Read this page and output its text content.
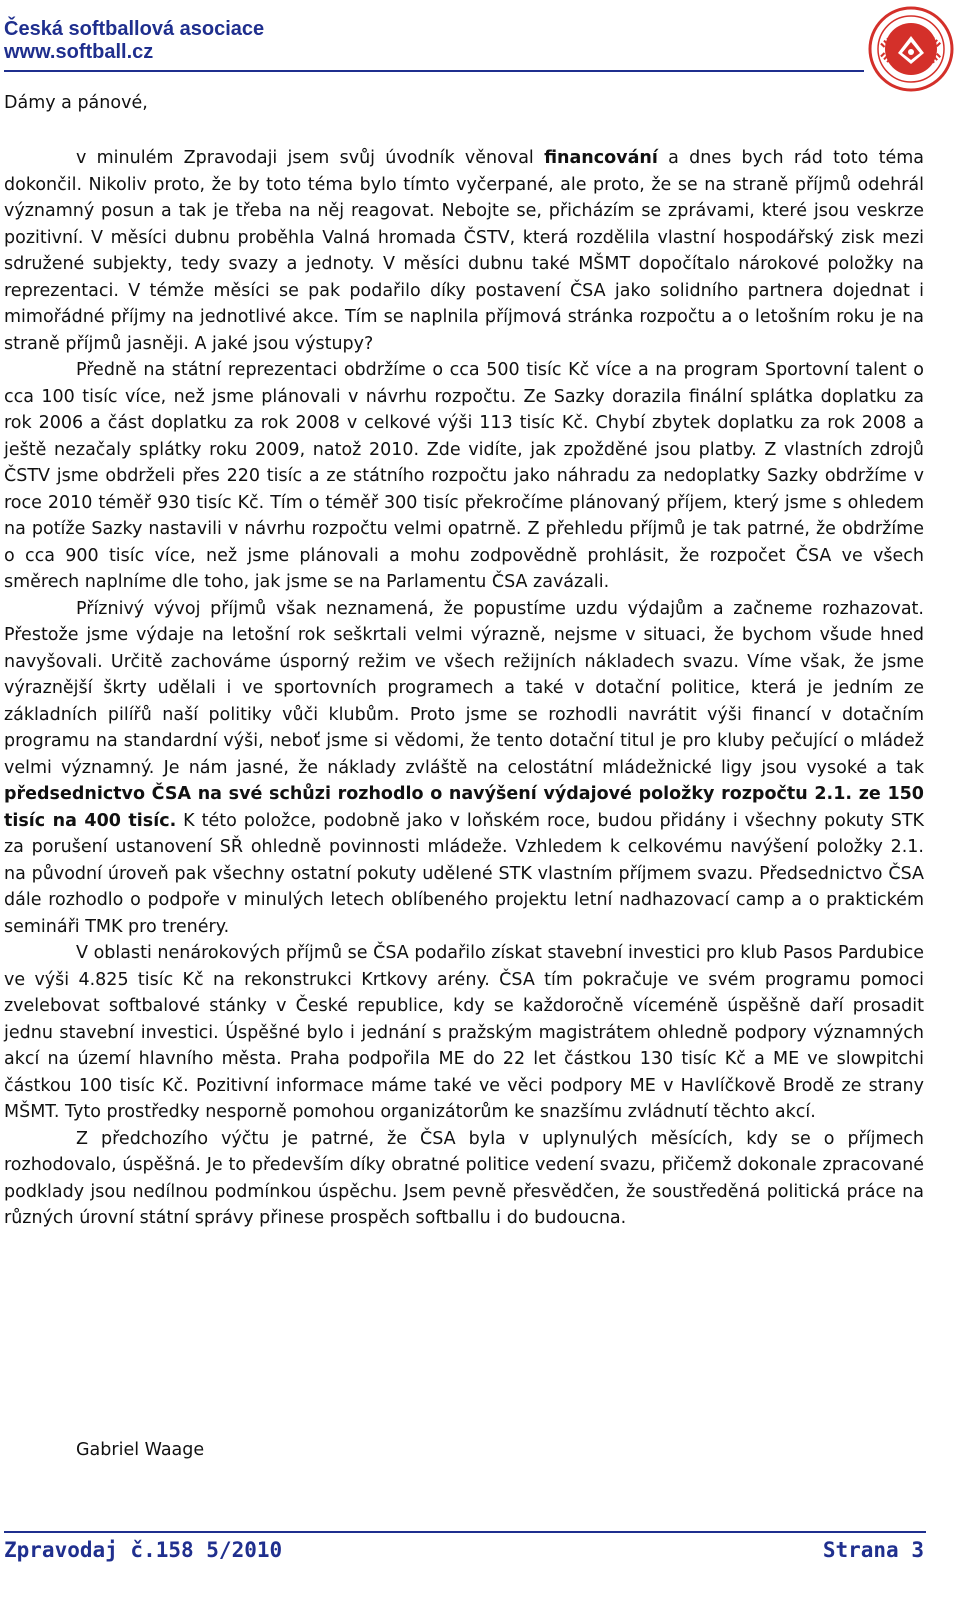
Česká softballová asociace
www.softball.cz
Dámy a pánové,

v minulém Zpravodaji jsem svůj úvodník věnoval financování a dnes bych rád toto téma dokončil. Nikoliv proto, že by toto téma bylo tímto vyčerpané, ale proto, že se na straně příjmů odehrál významný posun a tak je třeba na něj reagovat. Nebojte se, přicházím se zprávami, které jsou veskrze pozitivní. V měsíci dubnu proběhla Valná hromada ČSTV, která rozdělila vlastní hospodářský zisk mezi sdružené subjekty, tedy svazy a jednoty. V měsíci dubnu také MŠMT dopočítalo nárokové položky na reprezentaci. V témže měsíci se pak podařilo díky postavení ČSA jako solidního partnera dojednat i mimořádné příjmy na jednotlivé akce. Tím se naplnila příjmová stránka rozpočtu a o letošním roku je na straně příjmů jasněji. A jaké jsou výstupy?

Předně na státní reprezentaci obdržíme o cca 500 tisíc Kč více a na program Sportovní talent o cca 100 tisíc více, než jsme plánovali v návrhu rozpočtu. Ze Sazky dorazila finální splátka doplatku za rok 2006 a část doplatku za rok 2008 v celkové výši 113 tisíc Kč. Chybí zbytek doplatku za rok 2008 a ještě nezačaly splátky roku 2009, natož 2010. Zde vidíte, jak zpožděné jsou platby. Z vlastních zdrojů ČSTV jsme obdrželi přes 220 tisíc a ze státního rozpočtu jako náhradu za nedoplatky Sazky obdržíme v roce 2010 téměř 930 tisíc Kč. Tím o téměř 300 tisíc překročíme plánovaný příjem, který jsme s ohledem na potíže Sazky nastavili v návrhu rozpočtu velmi opatrně. Z přehledu příjmů je tak patrné, že obdržíme o cca 900 tisíc více, než jsme plánovali a mohu zodpovědně prohlásit, že rozpočet ČSA ve všech směrech naplníme dle toho, jak jsme se na Parlamentu ČSA zavázali.

Příznivý vývoj příjmů však neznamená, že popustíme uzdu výdajům a začneme rozhazovat. Přestože jsme výdaje na letošní rok seškrtali velmi výrazně, nejsme v situaci, že bychom všude hned navyšovali. Určitě zachováme úsporný režim ve všech režijních nákladech svazu. Víme však, že jsme výraznější škrty udělali i ve sportovních programech a také v dotační politice, která je jedním ze základních pilířů naší politiky vůči klubům. Proto jsme se rozhodli navrátit výši financí v dotačním programu na standardní výši, neboť jsme si vědomi, že tento dotační titul je pro kluby pečující o mládež velmi významný. Je nám jasné, že náklady zvláště na celostátní mládežnické ligy jsou vysoké a tak předsednictvo ČSA na své schůzi rozhodlo o navýšení výdajové položky rozpočtu 2.1. ze 150 tisíc na 400 tisíc. K této položce, podobně jako v loňském roce, budou přidány i všechny pokuty STK za porušení ustanovení SŘ ohledně povinnosti mládeže. Vzhledem k celkovému navýšení položky 2.1. na původní úroveň pak všechny ostatní pokuty udělené STK vlastním příjmem svazu. Předsednictvo ČSA dále rozhodlo o podpoře v minulých letech oblíbeného projektu letní nadhazovací camp a o praktickém semináři TMK pro trenéry.

V oblasti nenárokových příjmů se ČSA podařilo získat stavební investici pro klub Pasos Pardubice ve výši 4.825 tisíc Kč na rekonstrukci Krtkovy arény. ČSA tím pokračuje ve svém programu pomoci zvelebovat softbalové stánky v České republice, kdy se každoročně víceméně úspěšně daří prosadit jednu stavební investici. Úspěšné bylo i jednání s pražským magistrátem ohledně podpory významných akcí na území hlavního města. Praha podpořila ME do 22 let částkou 130 tisíc Kč a ME ve slowpitchi částkou 100 tisíc Kč. Pozitivní informace máme také ve věci podpory ME v Havlíčkově Brodě ze strany MŠMT. Tyto prostředky nesporně pomohou organizátorům ke snazšímu zvládnutí těchto akcí.

Z předchozího výčtu je patrné, že ČSA byla v uplynulých měsících, kdy se o příjmech rozhodovalo, úspěšná. Je to především díky obratné politice vedení svazu, přičemž dokonale zpracované podklady jsou nedílnou podmínkou úspěchu. Jsem pevně přesvědčen, že soustředěná politická práce na různých úrovní státní správy přinese prospěch softballu i do budoucna.

Gabriel Waage
Zpravodaj č.158 5/2010	Strana 3
